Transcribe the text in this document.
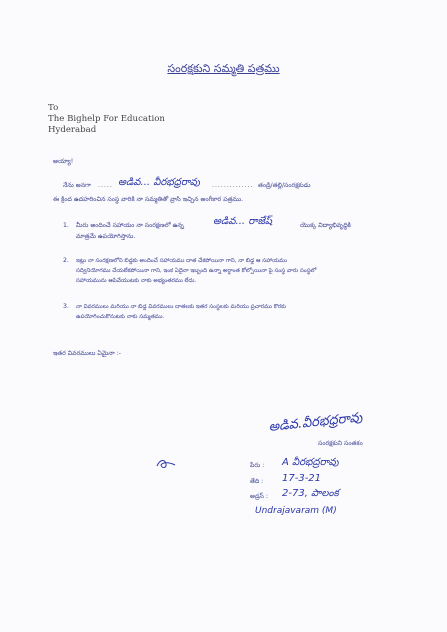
సంరక్షకుని సమ్మతి పత్రము
To
The Bighelp For Education
Hyderabad
అయ్యా!
నేను అనగా ..... అడివ... వీరభధ్రరావు .............. తండ్రి/తల్లి/సంరక్షకుడు
ఈ క్రింద ఉదహరించిన సంస్థ వారికి నా సమ్మతితో వ్రాసి ఇచ్చిన అంగీకార పత్రము.
1. మీరు అందించే సహాయం నా సంరక్షణలో ఉన్న	అడివ... రాజేష్	యొక్క విద్యాభివృద్ధికి
మాత్రమే ఉపయోగిస్తాను.
2. ఇట్లు నా సంరక్షణలోని బిడ్డకు అందించే సహాయము దాత చేకపోయినా గాని, నా బిడ్డ ఆ సహాయము
సద్వినియోగము చేయలేకపోయినా గాని, ఇంక ఏదైనా ఇబ్బంది ఉన్నా అర్థాంత కోల్పోయినా పై సంస్థ వారు సంస్థలో
సహాయమును ఆపివేయుటకు నాకు అభ్యంతరము లేదు.
3. నా వివరములు మరియు నా బిడ్డ వివరములు దాతలకు ఇతర సంస్థలకు మరియు ప్రచారము కొరకు
ఉపయోగించుకొనుటకు నాకు సమ్మతము.
ఇతర వివరములు ఏమైనా :-
అడివ.వీరభధ్రరావు
సంరక్షకుని సంతకం
పేరు : A వీరభద్రరావు
తేది : 17-3-21
అడ్రస్ : 2-73, పాలంక
Undrajavaram (M)
